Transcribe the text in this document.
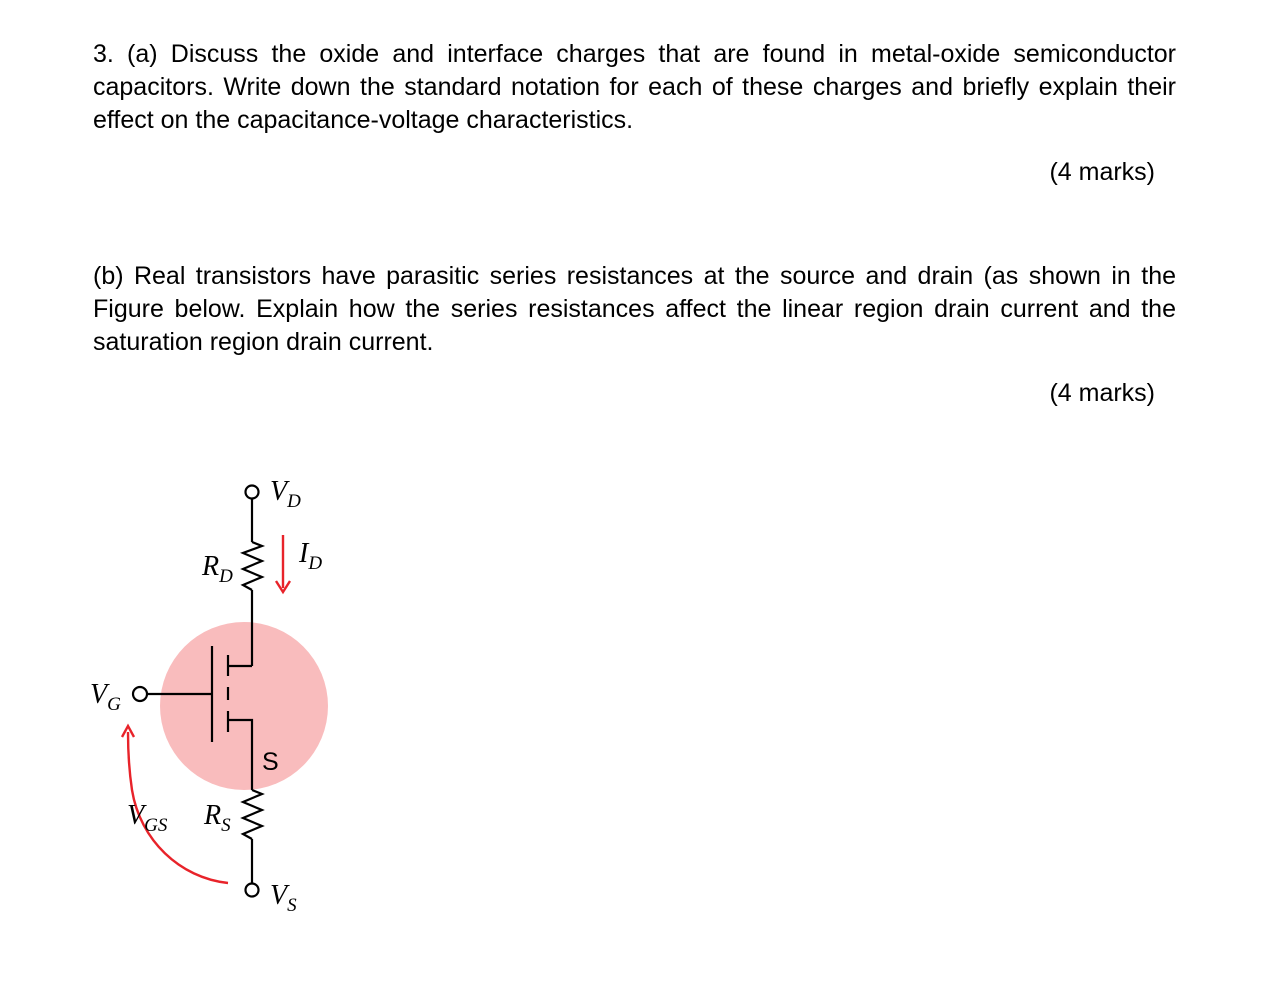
3. (a) Discuss the oxide and interface charges that are found in metal-oxide semiconductor capacitors. Write down the standard notation for each of these charges and briefly explain their effect on the capacitance-voltage characteristics.

(4 marks)

(b) Real transistors have parasitic series resistances at the source and drain (as shown in the Figure below. Explain how the series resistances affect the linear region drain current and the saturation region drain current.

(4 marks)

$V_D$
$I_D$
$R_D$
$V_G$
S
$V_{GS}$ $R_S$
$V_S$
